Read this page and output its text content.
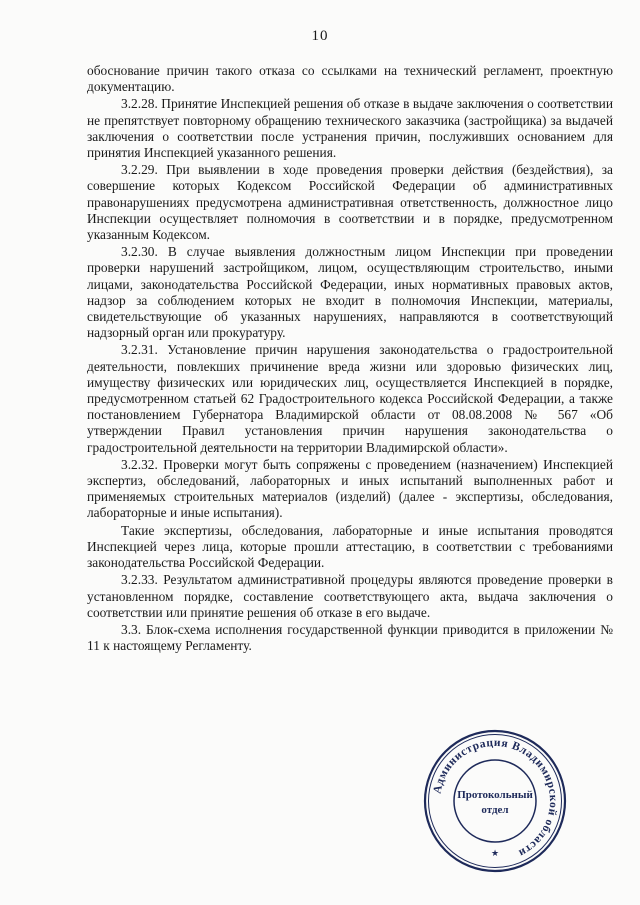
10

обоснование причин такого отказа со ссылками на технический регламент, проектную документацию.

3.2.28. Принятие Инспекцией решения об отказе в выдаче заключения о соответствии не препятствует повторному обращению технического заказчика (застройщика) за выдачей заключения о соответствии после устранения причин, послуживших основанием для принятия Инспекцией указанного решения.

3.2.29. При выявлении в ходе проведения проверки действия (бездействия), за совершение которых Кодексом Российской Федерации об административных правонарушениях предусмотрена административная ответственность, должностное лицо Инспекции осуществляет полномочия в соответствии и в порядке, предусмотренном указанным Кодексом.

3.2.30. В случае выявления должностным лицом Инспекции при проведении проверки нарушений застройщиком, лицом, осуществляющим строительство, иными лицами, законодательства Российской Федерации, иных нормативных правовых актов, надзор за соблюдением которых не входит в полномочия Инспекции, материалы, свидетельствующие об указанных нарушениях, направляются в соответствующий надзорный орган или прокуратуру.

3.2.31. Установление причин нарушения законодательства о градостроительной деятельности, повлекших причинение вреда жизни или здоровью физических лиц, имуществу физических или юридических лиц, осуществляется Инспекцией в порядке, предусмотренном статьей 62 Градостроительного кодекса Российской Федерации, а также постановлением Губернатора Владимирской области от 08.08.2008 № 567 «Об утверждении Правил установления причин нарушения законодательства о градостроительной деятельности на территории Владимирской области».

3.2.32. Проверки могут быть сопряжены с проведением (назначением) Инспекцией экспертиз, обследований, лабораторных и иных испытаний выполненных работ и применяемых строительных материалов (изделий) (далее - экспертизы, обследования, лабораторные и иные испытания).

Такие экспертизы, обследования, лабораторные и иные испытания проводятся Инспекцией через лица, которые прошли аттестацию, в соответствии с требованиями законодательства Российской Федерации.

3.2.33. Результатом административной процедуры являются проведение проверки в установленном порядке, составление соответствующего акта, выдача заключения о соответствии или принятие решения об отказе в его выдаче.

3.3. Блок-схема исполнения государственной функции приводится в приложении № 11 к настоящему Регламенту.

Администрация Владимирской области
Протокольный
отдел
★
